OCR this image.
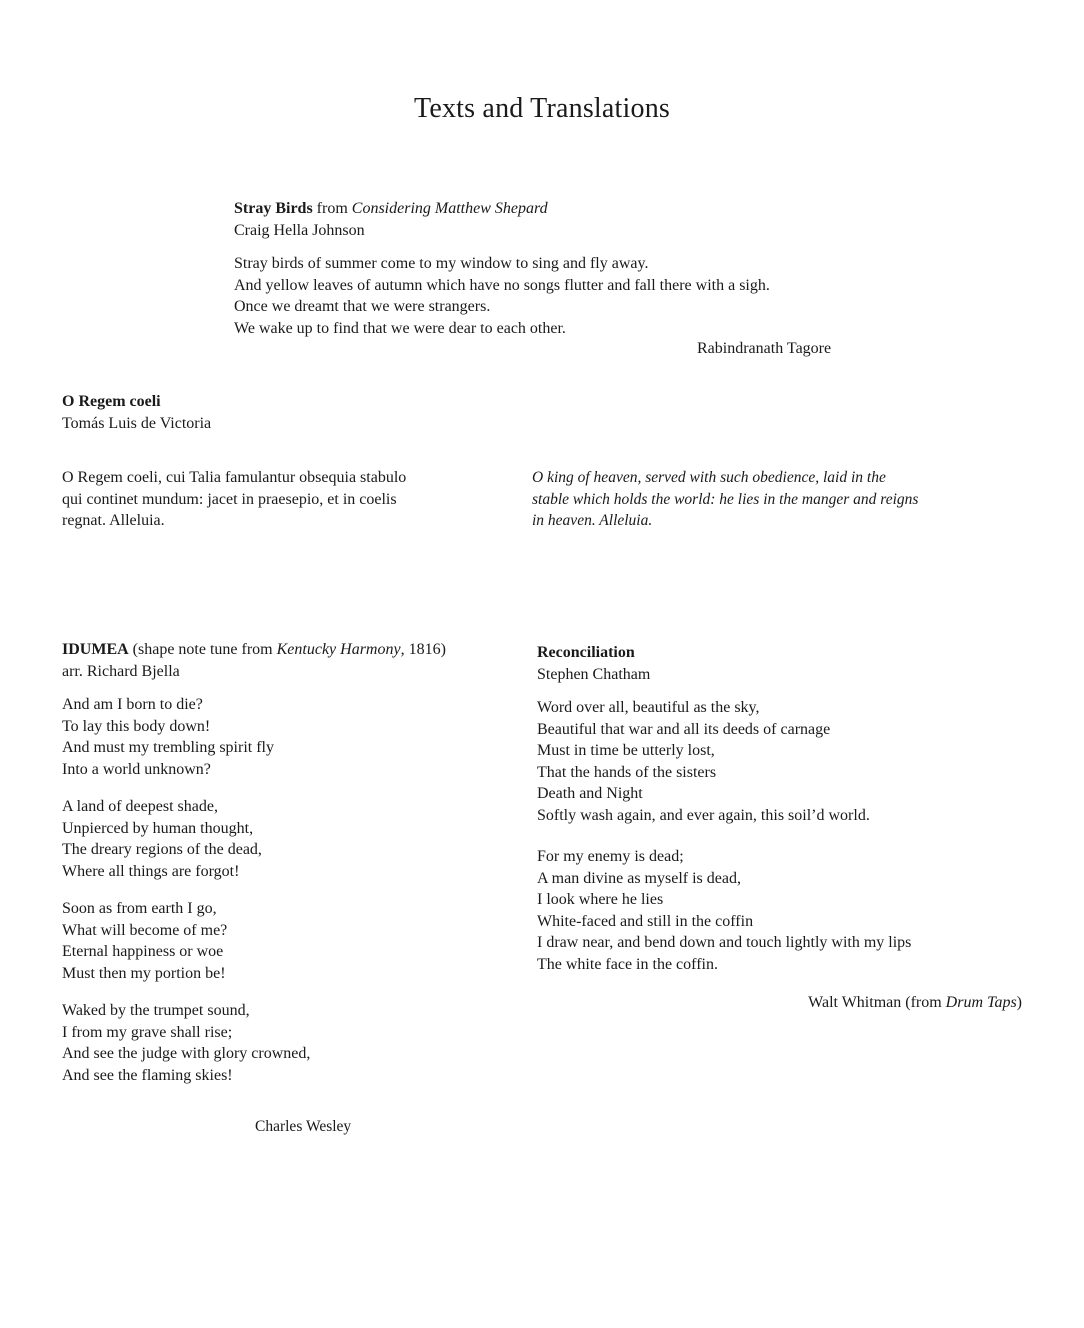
Texts and Translations
Stray Birds from Considering Matthew Shepard
Craig Hella Johnson
Stray birds of summer come to my window to sing and fly away.
And yellow leaves of autumn which have no songs flutter and fall there with a sigh.
Once we dreamt that we were strangers.
We wake up to find that we were dear to each other.
Rabindranath Tagore
O Regem coeli
Tomás Luis de Victoria
O Regem coeli, cui Talia famulantur obsequia stabulo
qui continet mundum: jacet in praesepio, et in coelis
regnat. Alleluia.
O king of heaven, served with such obedience, laid in the
stable which holds the world: he lies in the manger and reigns
in heaven. Alleluia.
IDUMEA (shape note tune from Kentucky Harmony, 1816)
arr. Richard Bjella
And am I born to die?
To lay this body down!
And must my trembling spirit fly
Into a world unknown?
A land of deepest shade,
Unpierced by human thought,
The dreary regions of the dead,
Where all things are forgot!
Soon as from earth I go,
What will become of me?
Eternal happiness or woe
Must then my portion be!
Waked by the trumpet sound,
I from my grave shall rise;
And see the judge with glory crowned,
And see the flaming skies!
Charles Wesley
Reconciliation
Stephen Chatham
Word over all, beautiful as the sky,
Beautiful that war and all its deeds of carnage
Must in time be utterly lost,
That the hands of the sisters
Death and Night
Softly wash again, and ever again, this soil’d world.
For my enemy is dead;
A man divine as myself is dead,
I look where he lies
White-faced and still in the coffin
I draw near, and bend down and touch lightly with my lips
The white face in the coffin.
Walt Whitman (from Drum Taps)
